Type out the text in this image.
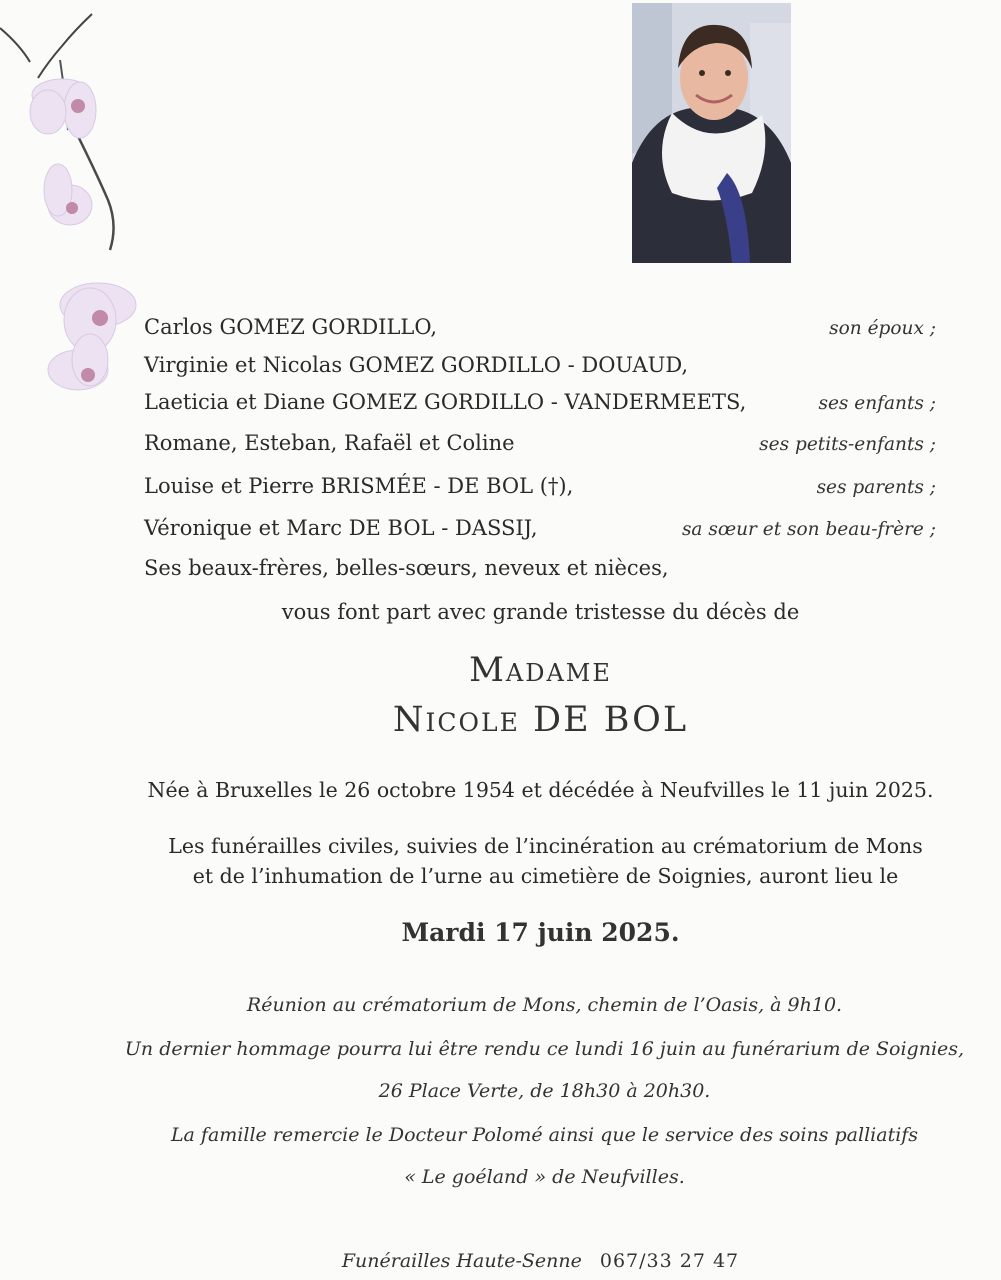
Carlos GOMEZ GORDILLO,	son époux ;
Virginie et Nicolas GOMEZ GORDILLO - DOUAUD,
Laeticia et Diane GOMEZ GORDILLO - VANDERMEETS,	ses enfants ;
Romane, Esteban, Rafaël et Coline	ses petits-enfants ;
Louise et Pierre BRISMÉE - DE BOL (†),	ses parents ;
Véronique et Marc DE BOL - DASSIJ,	sa sœur et son beau-frère ;
Ses beaux-frères, belles-sœurs, neveux et nièces,
vous font part avec grande tristesse du décès de
Madame
Nicole DE BOL
Née à Bruxelles le 26 octobre 1954 et décédée à Neufvilles le 11 juin 2025.
Les funérailles civiles, suivies de l’incinération au crématorium de Mons
et de l’inhumation de l’urne au cimetière de Soignies, auront lieu le
Mardi 17 juin 2025.
Réunion au crématorium de Mons, chemin de l’Oasis, à 9h10.
Un dernier hommage pourra lui être rendu ce lundi 16 juin au funérarium de Soignies,
26 Place Verte, de 18h30 à 20h30.
La famille remercie le Docteur Polomé ainsi que le service des soins palliatifs
« Le goéland » de Neufvilles.
Funérailles Haute-Senne 067/33 27 47
